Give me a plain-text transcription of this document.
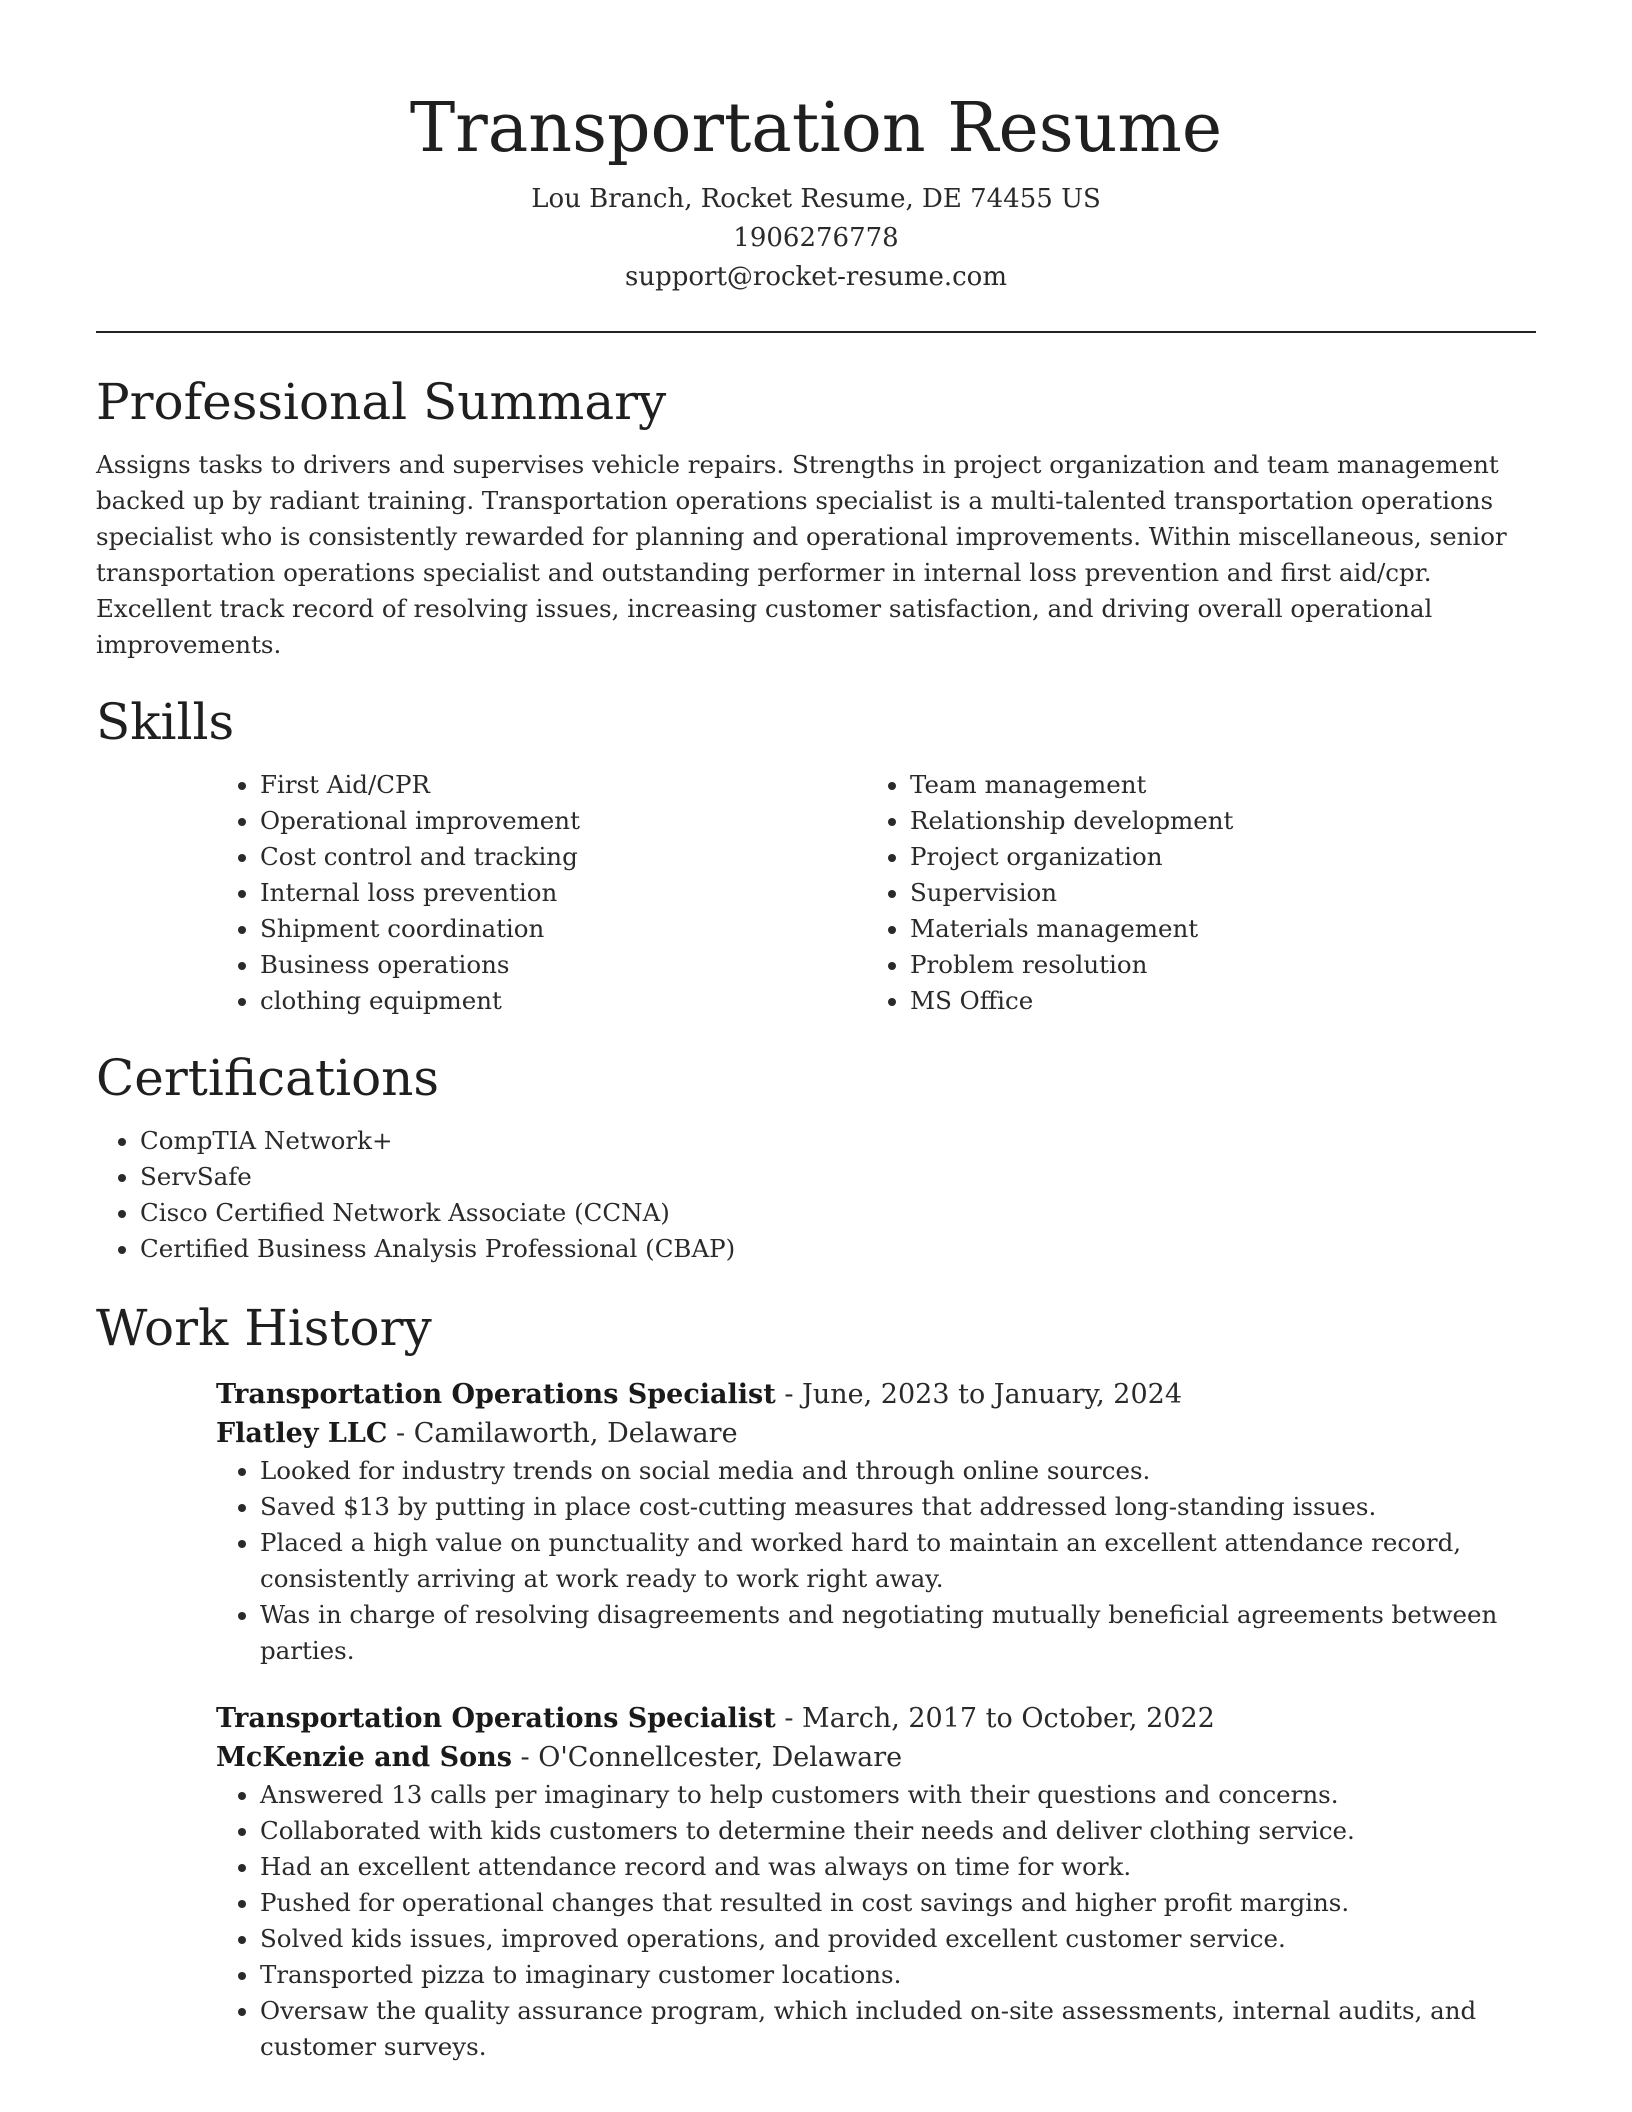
Transportation Resume
Lou Branch, Rocket Resume, DE 74455 US
1906276778
support@rocket-resume.com
Professional Summary

Assigns tasks to drivers and supervises vehicle repairs. Strengths in project organization and team management backed up by radiant training. Transportation operations specialist is a multi-talented transportation operations specialist who is consistently rewarded for planning and operational improvements. Within miscellaneous, senior transportation operations specialist and outstanding performer in internal loss prevention and first aid/cpr. Excellent track record of resolving issues, increasing customer satisfaction, and driving overall operational improvements.

Skills
• First Aid/CPR
• Operational improvement
• Cost control and tracking
• Internal loss prevention
• Shipment coordination
• Business operations
• clothing equipment
• Team management
• Relationship development
• Project organization
• Supervision
• Materials management
• Problem resolution
• MS Office
Certifications
• CompTIA Network+
• ServSafe
• Cisco Certified Network Associate (CCNA)
• Certified Business Analysis Professional (CBAP)
Work History
Transportation Operations Specialist - June, 2023 to January, 2024
Flatley LLC - Camilaworth, Delaware
• Looked for industry trends on social media and through online sources.
• Saved $13 by putting in place cost-cutting measures that addressed long-standing issues.
• Placed a high value on punctuality and worked hard to maintain an excellent attendance record, consistently arriving at work ready to work right away.
• Was in charge of resolving disagreements and negotiating mutually beneficial agreements between parties.
Transportation Operations Specialist - March, 2017 to October, 2022
McKenzie and Sons - O'Connellcester, Delaware
• Answered 13 calls per imaginary to help customers with their questions and concerns.
• Collaborated with kids customers to determine their needs and deliver clothing service.
• Had an excellent attendance record and was always on time for work.
• Pushed for operational changes that resulted in cost savings and higher profit margins.
• Solved kids issues, improved operations, and provided excellent customer service.
• Transported pizza to imaginary customer locations.
• Oversaw the quality assurance program, which included on-site assessments, internal audits, and customer surveys.
